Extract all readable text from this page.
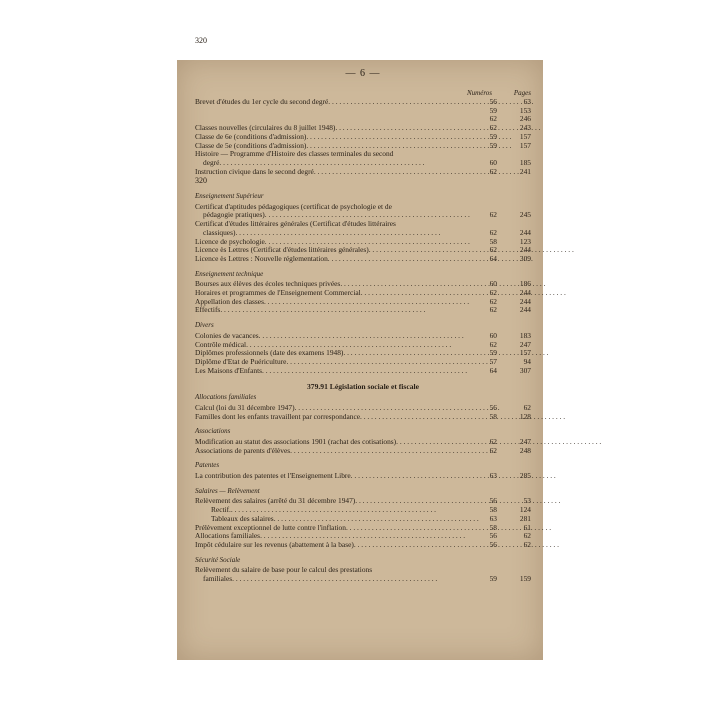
— 6 —
Numéros	Pages
Brevet d'études du 1er cycle du second degré . . .	56	63
59	153
62	246
Classes nouvelles (circulaires du 8 juillet 1948) . . .	62	243
Classe de 6e (conditions d'admission) . . .	59	157
Classe de 5e (conditions d'admission) . . .	59	157
Histoire — Programme d'Histoire des classes terminales du second
degré . . .	60	185
Instruction civique dans le second degré . . .	62	241
320
Enseignement Supérieur
Certificat d'aptitudes pédagogiques (certificat de psychologie et de
pédagogie pratiques) . . .	62	245
Certificat d'études littéraires générales (Certificat d'études littéraires
classiques) . . .	62	244
Licence de psychologie . . .	58	123
Licence ès Lettres (Certificat d'études littéraires générales) . . .	62	244
Licence ès Lettres : Nouvelle réglementation . . .	64	309
Enseignement technique
Bourses aux élèves des écoles techniques privées . . .	60	186
Horaires et programmes de l'Enseignement Commercial . . .	62	244
Appellation des classes . . .	62	244
Effectifs . . .	62	244
Divers
Colonies de vacances . . .	60	183
Contrôle médical . . .	62	247
Diplômes professionnels (date des examens 1948) . . .	59	157
Diplôme d'Etat de Puériculture . . .	57	94
Les Maisons d'Enfants . . .	64	307
379.91 Législation sociale et fiscale
Allocations familiales
Calcul (loi du 31 décembre 1947) . . .	56	62
Familles dont les enfants travaillent par correspondance . . .	58	128
Associations
Modification au statut des associations 1901 (rachat des cotisations) . . .	62	247
Associations de parents d'élèves . . .	62	248
Patentes
La contribution des patentes et l'Enseignement Libre . . .	63	285
Salaires — Relèvement
Relèvement des salaires (arrêté du 31 décembre 1947) . . .	56	53
Rectif. . . .	58	124
Tableaux des salaires . . .	63	281
Prélèvement exceptionnel de lutte contre l'inflation . . .	58	61
Allocations familiales . . .	56	62
Impôt cédulaire sur les revenus (abattement à la base) . . .	56	62
Sécurité Sociale
Relèvement du salaire de base pour le calcul des prestations
familiales . . .	59	159
320
